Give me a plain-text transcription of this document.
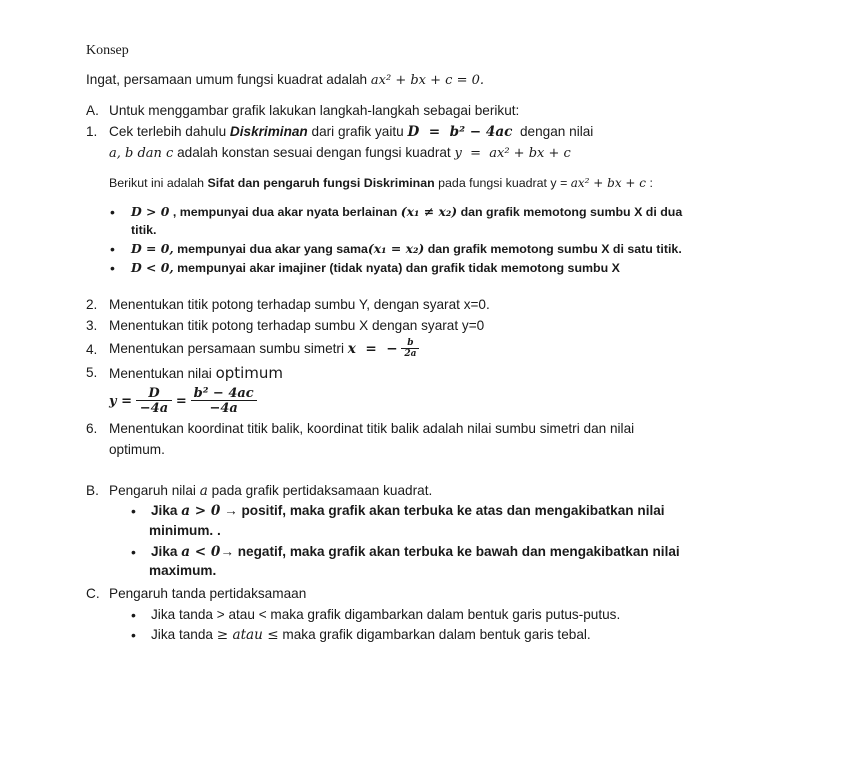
Konsep
Ingat, persamaan umum fungsi kuadrat adalah ax² + bx + c = 0.
A. Untuk menggambar grafik lakukan langkah-langkah sebagai berikut:
1. Cek terlebih dahulu Diskriminan dari grafik yaitu D  =  b² − 4ac  dengan nilai
a, b dan c adalah konstan sesuai dengan fungsi kuadrat y  =  ax² + bx + c
Berikut ini adalah Sifat dan pengaruh fungsi Diskriminan pada fungsi kuadrat y = ax² + bx + c :
• D > 0 , mempunyai dua akar nyata berlainan (x₁ ≠ x₂) dan grafik memotong sumbu X di dua
titik.
• D = 0, mempunyai dua akar yang sama(x₁ = x₂) dan grafik memotong sumbu X di satu titik.
• D < 0, mempunyai akar imajiner (tidak nyata) dan grafik tidak memotong sumbu X
2. Menentukan titik potong terhadap sumbu Y, dengan syarat x=0.
3. Menentukan titik potong terhadap sumbu X dengan syarat y=0
4. Menentukan persamaan sumbu simetri x  =  − $\frac{b}{2a}$
5. Menentukan nilai optimum
$y = \frac{D}{-4a} = \frac{\text{b² − 4ac}}{-4a}$
6. Menentukan koordinat titik balik, koordinat titik balik adalah nilai sumbu simetri dan nilai
optimum.
B. Pengaruh nilai a pada grafik pertidaksamaan kuadrat.
• Jika a > 0 → positif, maka grafik akan terbuka ke atas dan mengakibatkan nilai
minimum. .
• Jika a < 0→ negatif, maka grafik akan terbuka ke bawah dan mengakibatkan nilai
maximum.
C. Pengaruh tanda pertidaksamaan
• Jika tanda > atau < maka grafik digambarkan dalam bentuk garis putus-putus.
• Jika tanda ≥ atau ≤ maka grafik digambarkan dalam bentuk garis tebal.
